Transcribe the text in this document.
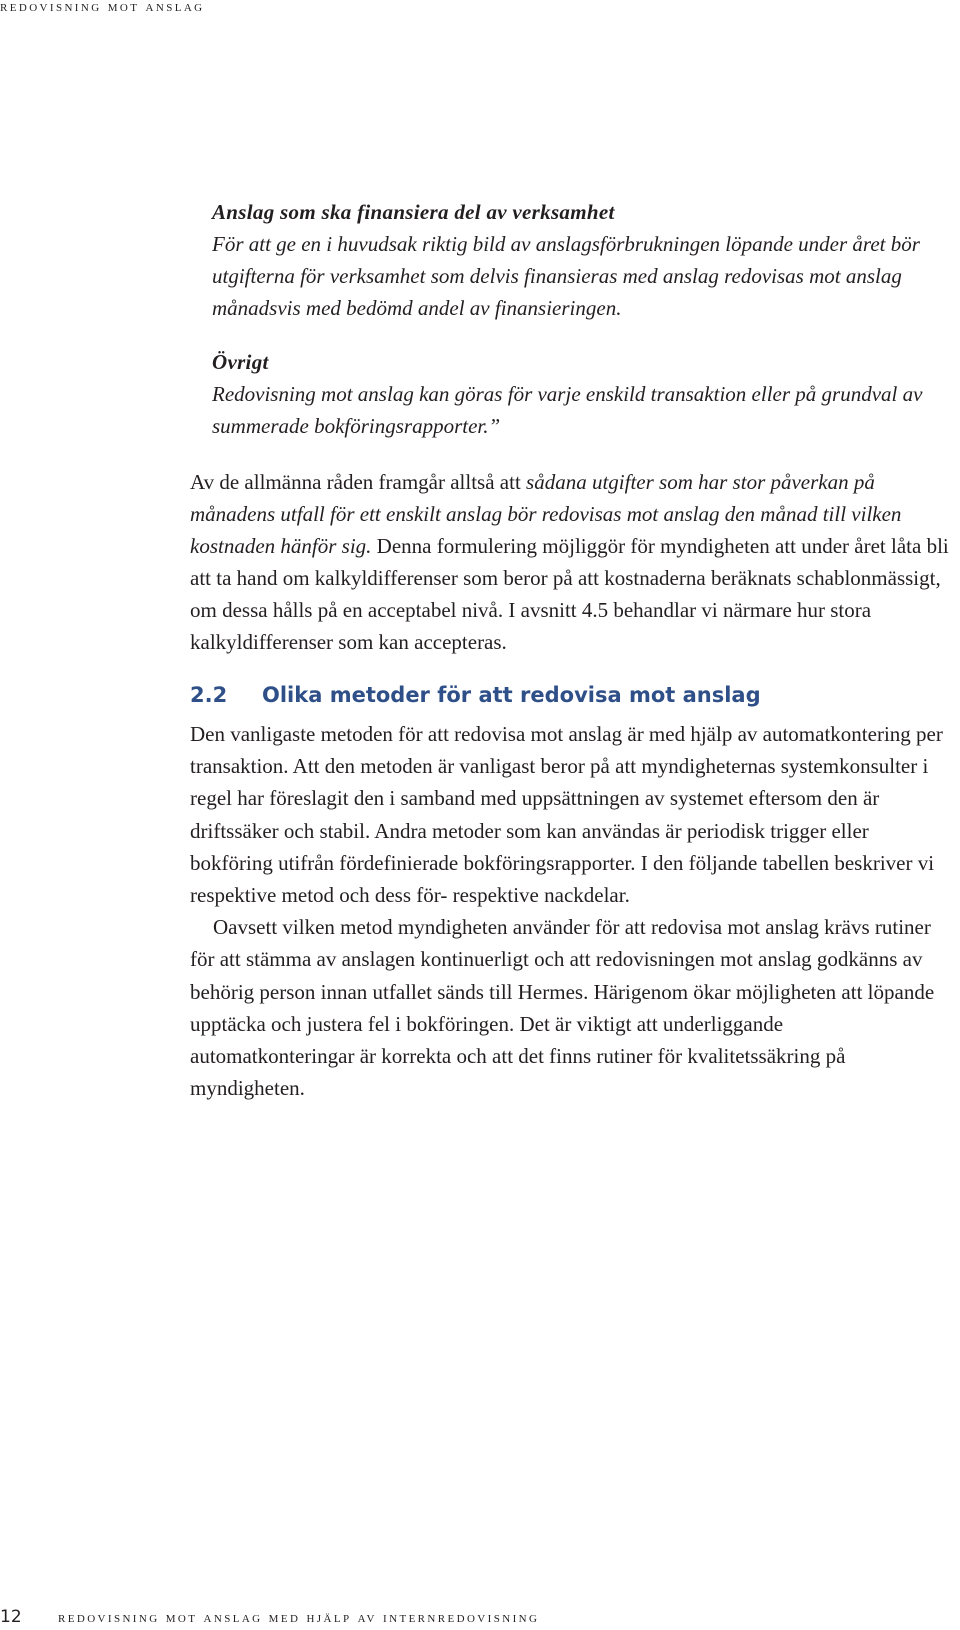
redovisning mot anslag

Anslag som ska finansiera del av verksamhet

För att ge en i huvudsak riktig bild av anslagsförbrukningen löpande under året bör utgifterna för verksamhet som delvis finansieras med anslag redovisas mot anslag månadsvis med bedömd andel av finansieringen.

Övrigt

Redovisning mot anslag kan göras för varje enskild transaktion eller på grundval av summerade bokföringsrapporter.”

Av de allmänna råden framgår alltså att sådana utgifter som har stor påverkan på månadens utfall för ett enskilt anslag bör redovisas mot anslag den månad till vilken kostnaden hänför sig. Denna formulering möjliggör för myndigheten att under året låta bli att ta hand om kalkyldifferenser som beror på att kostnaderna beräknats schablonmässigt, om dessa hålls på en acceptabel nivå. I avsnitt 4.5 behandlar vi närmare hur stora kalkyldifferenser som kan accepteras.

2.2 Olika metoder för att redovisa mot anslag

Den vanligaste metoden för att redovisa mot anslag är med hjälp av automatkontering per transaktion. Att den metoden är vanligast beror på att myndigheternas systemkonsulter i regel har föreslagit den i samband med uppsättningen av systemet eftersom den är driftssäker och stabil. Andra metoder som kan användas är periodisk trigger eller bokföring utifrån fördefinierade bokföringsrapporter. I den följande tabellen beskriver vi respektive metod och dess för- respektive nackdelar.

Oavsett vilken metod myndigheten använder för att redovisa mot anslag krävs rutiner för att stämma av anslagen kontinuerligt och att redovisningen mot anslag godkänns av behörig person innan utfallet sänds till Hermes. Härigenom ökar möjligheten att löpande upptäcka och justera fel i bokföringen. Det är viktigt att underliggande automatkonteringar är korrekta och att det finns rutiner för kvalitetssäkring på myndigheten.

12 redovisning mot anslag med hjälp av internredovisning
